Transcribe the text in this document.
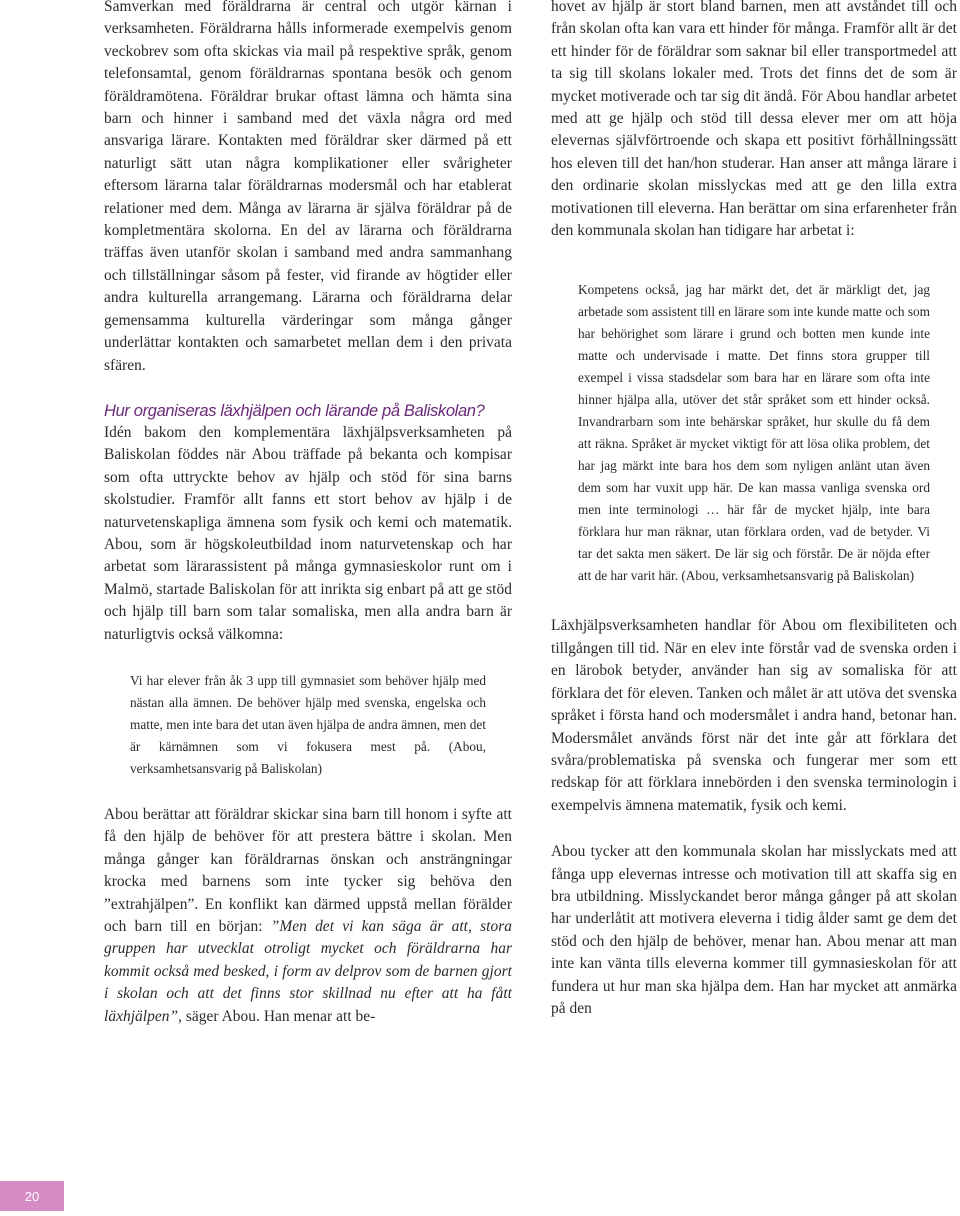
Samverkan med föräldrarna är central och utgör kärnan i verksamheten. Föräldrarna hålls informerade exempelvis genom veckobrev som ofta skickas via mail på respektive språk, genom telefonsamtal, genom föräldrarnas spontana besök och genom föräldramötena. Föräldrar brukar oftast lämna och hämta sina barn och hinner i samband med det växla några ord med ansvariga lärare. Kontakten med föräldrar sker därmed på ett naturligt sätt utan några komplikationer eller svårigheter eftersom lärarna talar föräldrarnas modersmål och har etablerat relationer med dem. Många av lärarna är själva föräldrar på de kompletmentära skolorna. En del av lärarna och föräldrarna träffas även utanför skolan i samband med andra sammanhang och tillställningar såsom på fester, vid firande av högtider eller andra kulturella arrangemang. Lärarna och föräldrarna delar gemensamma kulturella värderingar som många gånger underlättar kontakten och samarbetet mellan dem i den privata sfären.

Hur organiseras läxhjälpen och lärande på Baliskolan?

Idén bakom den komplementära läxhjälpsverksamheten på Baliskolan föddes när Abou träffade på bekanta och kompisar som ofta uttryckte behov av hjälp och stöd för sina barns skolstudier. Framför allt fanns ett stort behov av hjälp i de naturvetenskapliga ämnena som fysik och kemi och matematik. Abou, som är högskoleutbildad inom naturvetenskap och har arbetat som lärarassistent på många gymnasieskolor runt om i Malmö, startade Baliskolan för att inrikta sig enbart på att ge stöd och hjälp till barn som talar somaliska, men alla andra barn är naturligtvis också välkomna:

Vi har elever från åk 3 upp till gymnasiet som behöver hjälp med nästan alla ämnen. De behöver hjälp med svenska, engelska och matte, men inte bara det utan även hjälpa de andra ämnen, men det är kärnämnen som vi fokusera mest på. (Abou, verksamhetsansvarig på Baliskolan)

Abou berättar att föräldrar skickar sina barn till honom i syfte att få den hjälp de behöver för att prestera bättre i skolan. Men många gånger kan föräldrarnas önskan och ansträngningar krocka med barnens som inte tycker sig behöva den ”extrahjälpen”. En konflikt kan därmed uppstå mellan förälder och barn till en början: ”Men det vi kan säga är att, stora gruppen har utvecklat otroligt mycket och föräldrarna har kommit också med besked, i form av delprov som de barnen gjort i skolan och att det finns stor skillnad nu efter att ha fått läxhjälpen”, säger Abou. Han menar att be-

hovet av hjälp är stort bland barnen, men att avståndet till och från skolan ofta kan vara ett hinder för många. Framför allt är det ett hinder för de föräldrar som saknar bil eller transportmedel att ta sig till skolans lokaler med. Trots det finns det de som är mycket motiverade och tar sig dit ändå. För Abou handlar arbetet med att ge hjälp och stöd till dessa elever mer om att höja elevernas självförtroende och skapa ett positivt förhållningssätt hos eleven till det han/hon studerar. Han anser att många lärare i den ordinarie skolan misslyckas med att ge den lilla extra motivationen till eleverna. Han berättar om sina erfarenheter från den kommunala skolan han tidigare har arbetat i:

Kompetens också, jag har märkt det, det är märkligt det, jag arbetade som assistent till en lärare som inte kunde matte och som har behörighet som lärare i grund och botten men kunde inte matte och undervisade i matte. Det finns stora grupper till exempel i vissa stadsdelar som bara har en lärare som ofta inte hinner hjälpa alla, utöver det står språket som ett hinder också. Invandrarbarn som inte behärskar språket, hur skulle du få dem att räkna. Språket är mycket viktigt för att lösa olika problem, det har jag märkt inte bara hos dem som nyligen anlänt utan även dem som har vuxit upp här. De kan massa vanliga svenska ord men inte terminologi … här får de mycket hjälp, inte bara förklara hur man räknar, utan förklara orden, vad de betyder. Vi tar det sakta men säkert. De lär sig och förstår. De är nöjda efter att de har varit här. (Abou, verksamhetsansvarig på Baliskolan)

Läxhjälpsverksamheten handlar för Abou om flexibiliteten och tillgången till tid. När en elev inte förstår vad de svenska orden i en lärobok betyder, använder han sig av somaliska för att förklara det för eleven. Tanken och målet är att utöva det svenska språket i första hand och modersmålet i andra hand, betonar han. Modersmålet används först när det inte går att förklara det svåra/problematiska på svenska och fungerar mer som ett redskap för att förklara innebörden i den svenska terminologin i exempelvis ämnena matematik, fysik och kemi.

Abou tycker att den kommunala skolan har misslyckats med att fånga upp elevernas intresse och motivation till att skaffa sig en bra utbildning. Misslyckandet beror många gånger på att skolan har underlåtit att motivera eleverna i tidig ålder samt ge dem det stöd och den hjälp de behöver, menar han. Abou menar att man inte kan vänta tills eleverna kommer till gymnasieskolan för att fundera ut hur man ska hjälpa dem. Han har mycket att anmärka på den

20
